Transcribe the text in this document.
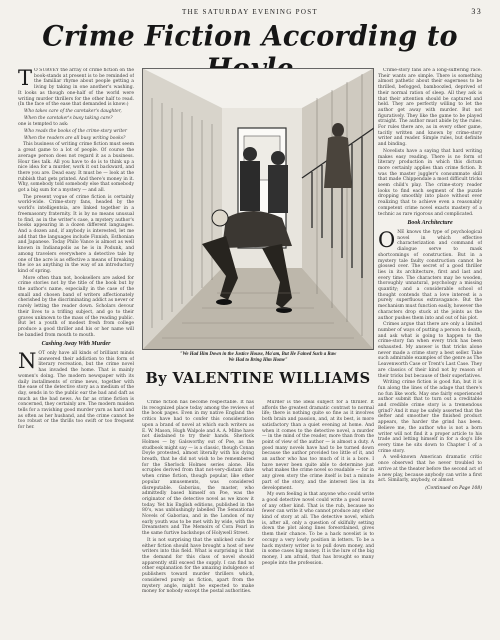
THE SATURDAY EVENING POST	33
Crime Fiction According to

T O SURVEY the array of crime fiction on the book-stands at present is to be reminded of the familiar rhyme about people getting a living by taking in one another's washing. It looks as though one-half of the world were writing murder thrillers for the other half to read. (In the face of the ease that demanded is know:)

Who takes care of the caretaker's daughter,

When the caretaker's busy taking care?

one is tempted to ask:

Who reads the books of the crime-story writer

When the readers are all busy writing books?

This business of writing crime fiction must seem a great game to a lot of people. Of course the average person does not regard it as a business. Hour ties talk. All you have to do is to think up a nice idea for a murder, work it out backward, and there you are. Dead easy. It must be — look at the rubbish that gets printed. And there's money in it. Why, somebody told somebody else that somebody got a big sum for a mystery — and all.

The present vogue of crime fiction is certainly world-wide. Crime-story fans, headed by the world's intelligentsia, are linked together in a freemasonry fraternity. It is by no means unusual to find, as in the writer's case, a mystery author's books appearing in a dozen different languages. And a dozen and, if anybody is interested, let me add that the languages include Finnish, Esthonian and Japanese. Today Philo Vance is almost as well known in Indianapolis as he is in Podunk, and among travelers everywhere a detective tale by one of the acre is as effective a means of breaking the ice as anything in the way of an introductory kind of spring.

More often than not, booksellers are asked for crime stories not by the title of the book but by the author's name, especially in the case of the small and chosen band of writers affectionately cherished by the discriminating addict as never or rarely letting the reader down. Scholars devour their lives to a trifling subject, and go to their graves unknown to the mass of the reading public. But let a youth of modest fresh from college produce a good thriller and his or her name will be bandied from mouth to mouth.

Cashing Away With Murder

NOT only have all kinds of brilliant minds answered their addiction to this form of literary recreation, but the crime novel has invaded the home. That is mainly women's doing. The modern newspaper with its daily installments of crime news, together with the ease of the detective story as a medium of the day, sends in to the public ear the bad and daft as much as the bad news. As far as crime fiction is concerned, they certainly are. The modern maiden tells for a ravishing good murder yarn as hard and as often as her husband, and the crime cannot be too robust or the thrills too swift or too frequent for her.

"We Had Him Down in the Justice House, Ma'am, But He Fained Such a Raw
We Had to Bring Him Home"
By VALENTINE WILLIAMS

Crime fiction has become respectable. It has its recognized place today among the reviews of the book pages. Even in my native England the critics have had to confer this consideration upon a brand of novel at which such writers as E. W. Mason, Hugh Walpole and A. A. Milne have not disdained to try their hands. Sherlock Holmes — by Galsworthy out of Poe, as the studbook might say — is a classic, though Conan Doyle protested, almost literally with his dying breath, that he did not wish to be remembered for the Sherlock Holmes series alone. His scruples derived from that not-very-distant date when crime fiction, though popular, like other popular amusements, was considered disreputable. Gaboriau, the master, who admittedly based himself on Poe, was the originator of the detective novel as we know it today. Yet his English editions, published in the 80's, was unblushingly labelled The Sensational Novels of Gaboriau, and in the London of my early youth was to be met with by wide, with the Dreamsters and The Memoirs of Cora Pearl in the same furtive backshops of Holywell Street.

It is not surprising that the unlicked cubs for either fiction should have brought a host of new writers into this field. What is surprising is that the demand for this class of novel should apparently still exceed the supply. I can find no other explanation for the amazing indulgence of publishers toward murder thrillers which, considered purely as fiction, apart from the mystery angle, might be expected to make money for nobody except the postal authorities.

Murder is the ideal subject for a thriller. It affords the greatest dramatic contrast to normal life; there is nothing quite so fine as it involves both brain and passion, and, at its best, is more satisfactory than a quiet evening at home. And when it comes to the detective novel, a murder — in the mind of the reader, more than from the point of view of the author — is almost a duty. A good many novels have had to be turned down because the author provided too little of it, and an author who has too much of it is a bore. I have never been quite able to determine just what makes the crime novel so readable — for in any given story the crime itself is but a minute part of the story, and the interest lies in its development.

My own feeling is that anyone who could write a good detective novel could write a good novel of any other kind. That is the rub, because no fewer can write it who cannot produce any other kind of story at all. The detective novel, which is, after all, only a question of skilfully setting down the plot along lines foreordained, gives them their chance. To be a hack novelist is to occupy a very lowly position in letters. To be a hack mystery writer is to pull down money, and in some cases big money. It is the lure of the big money, I am afraid, that has brought so many people into the profession.

Crime-story fans are a long-suffering race. Their wants are simple. There is something almost pathetic about their eagerness to be thrilled, befogged, bamboozled, deprived of their normal ration of sleep. All they ask is that their attention should be captured and held. They are perfectly willing to let the author get away with murder. But not figuratively. They like the game to be played straight. The author must abide by the rules. For rules there are, as in every other game, tacitly written and known by crime-story writer and reader. Simple rules, but definite and binding.

Novelists have a saying that hard writing makes easy reading. There is no form of literary production in which this dictum more certainly applies than crime fiction. It was the master juggler's consummate skill that made Chippendale a most difficult tricks seem child's play. The crime-story reader looks to find each segment of the puzzle dropping smoothly into place without ever realizing that to achieve even a reasonably competent crime novel exacts mastery of a technic as rare rigorous and complicated.

Book Architecture

ONE knows the type of psychological novel in which effective characterization and command of dialogue serve to mask shortcomings of construction. But in a mystery tale faulty construction cannot be glossed over. The secret of a good thriller lies in its architecture, first and last and every time. The characters may be wooden, thoroughly unnatural, psychology a missing quantity; and a considerable school of thought contends that a love interest is a purely superfluous extravagance. But the mechanism must function easily, however the characters drop stuck at the joints as the author pushes them into and out of his plot.

Crimes argue that there are only a limited number of ways of putting a person to death, and ask what is going to happen to the crime-story fan when every trick has been exhausted. My answer is that tricks alone never made a crime story a best seller. Take such admirable examples of the genre as The Leavenworth Case or Trent's Last Case. They are classics of their kind not by reason of their tricks but because of their superlatives.

Writing crime fiction is good fun, but it is fun along the lines of the adage that there's no fun like work. May one fairly experienced author submit that to turn out a creditable and credible crime story is a tremendous grind? And it may be safely asserted that the defter and smoother the finished product appears, the harder the grind has been. Believe me, the author who is not a born writer will not find it a proper article to his trade and letting himself in for a dog's life every time he sits down to Chapter I of a crime story.

A well-known American dramatic critic once observed that he never troubled to arrive at the theater before the second act of a new play, because anybody can write a first act. Similarly, anybody, or almost

(Continued on Page 108)
